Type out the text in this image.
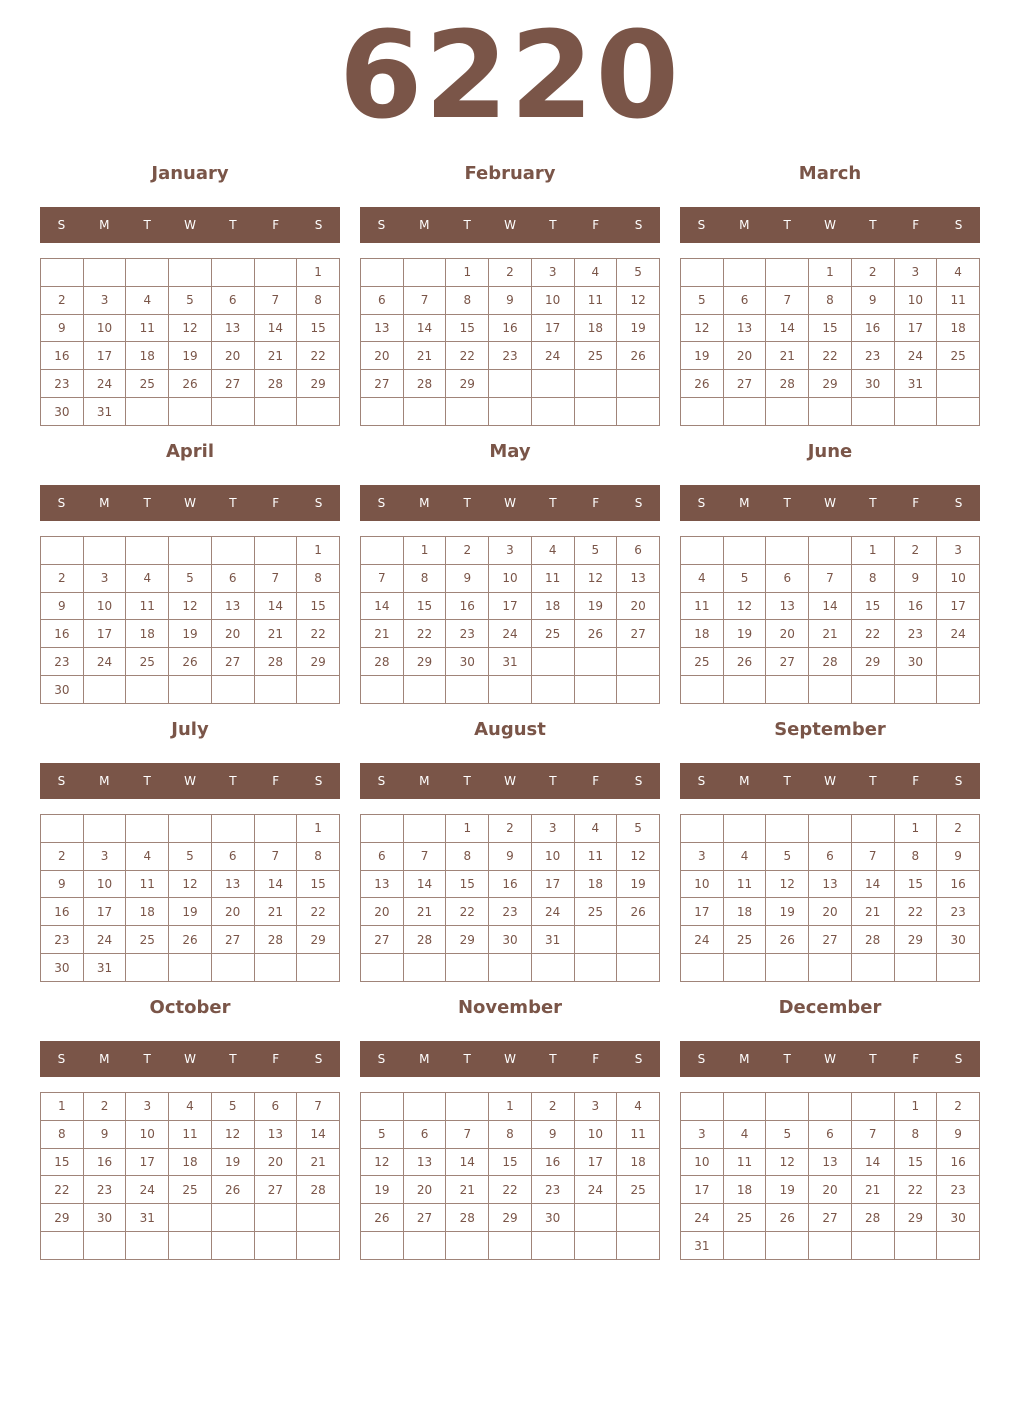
6220
January
S	M	T	W	T	F	S
						1
2	3	4	5	6	7	8
9	10	11	12	13	14	15
16	17	18	19	20	21	22
23	24	25	26	27	28	29
30	31					
February
S	M	T	W	T	F	S
		1	2	3	4	5
6	7	8	9	10	11	12
13	14	15	16	17	18	19
20	21	22	23	24	25	26
27	28	29				

March
S	M	T	W	T	F	S
			1	2	3	4
5	6	7	8	9	10	11
12	13	14	15	16	17	18
19	20	21	22	23	24	25
26	27	28	29	30	31	

April
S	M	T	W	T	F	S
						1
2	3	4	5	6	7	8
9	10	11	12	13	14	15
16	17	18	19	20	21	22
23	24	25	26	27	28	29
30						
May
S	M	T	W	T	F	S
	1	2	3	4	5	6
7	8	9	10	11	12	13
14	15	16	17	18	19	20
21	22	23	24	25	26	27
28	29	30	31			

June
S	M	T	W	T	F	S
				1	2	3
4	5	6	7	8	9	10
11	12	13	14	15	16	17
18	19	20	21	22	23	24
25	26	27	28	29	30	

July
S	M	T	W	T	F	S
						1
2	3	4	5	6	7	8
9	10	11	12	13	14	15
16	17	18	19	20	21	22
23	24	25	26	27	28	29
30	31					
August
S	M	T	W	T	F	S
		1	2	3	4	5
6	7	8	9	10	11	12
13	14	15	16	17	18	19
20	21	22	23	24	25	26
27	28	29	30	31		

September
S	M	T	W	T	F	S
					1	2
3	4	5	6	7	8	9
10	11	12	13	14	15	16
17	18	19	20	21	22	23
24	25	26	27	28	29	30

October
S	M	T	W	T	F	S
1	2	3	4	5	6	7
8	9	10	11	12	13	14
15	16	17	18	19	20	21
22	23	24	25	26	27	28
29	30	31				

November
S	M	T	W	T	F	S
			1	2	3	4
5	6	7	8	9	10	11
12	13	14	15	16	17	18
19	20	21	22	23	24	25
26	27	28	29	30		

December
S	M	T	W	T	F	S
					1	2
3	4	5	6	7	8	9
10	11	12	13	14	15	16
17	18	19	20	21	22	23
24	25	26	27	28	29	30
31						
